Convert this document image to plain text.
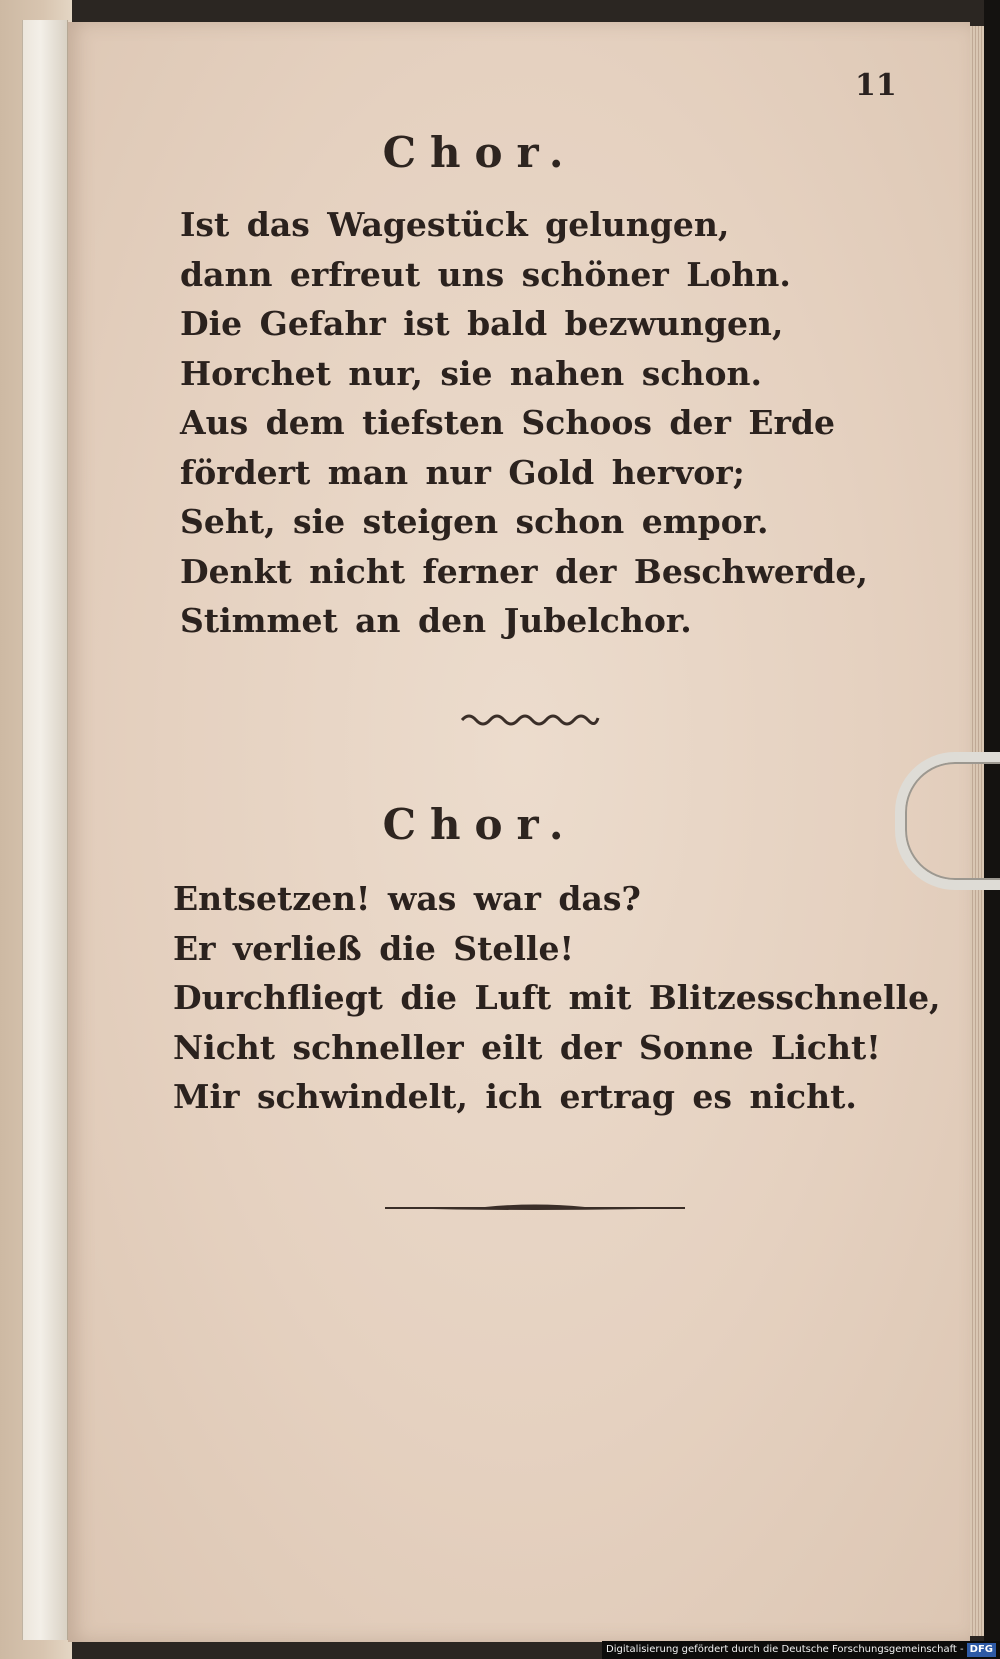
11
Chor.
Ist das Wagestück gelungen,
dann erfreut uns schöner Lohn.
Die Gefahr ist bald bezwungen,
Horchet nur, sie nahen schon.
Aus dem tiefsten Schoos der Erde
fördert man nur Gold hervor;
Seht, sie steigen schon empor.
Denkt nicht ferner der Beschwerde,
Stimmet an den Jubelchor.
Chor.
Entsetzen! was war das?
Er verließ die Stelle!
Durchfliegt die Luft mit Blitzesschnelle,
Nicht schneller eilt der Sonne Licht!
Mir schwindelt, ich ertrag es nicht.
Digitalisierung gefördert durch die Deutsche Forschungsgemeinschaft - DFG
